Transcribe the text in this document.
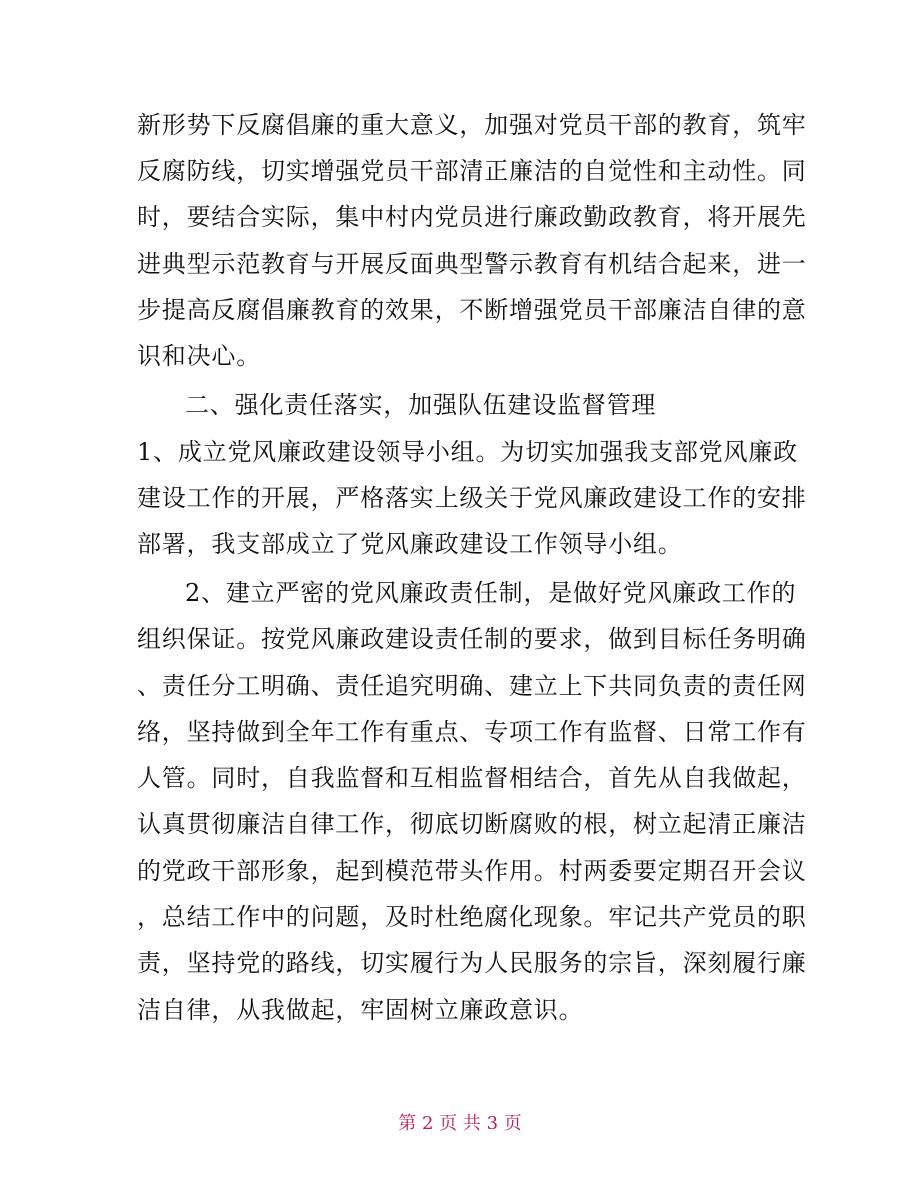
新形势下反腐倡廉的重大意义，加强对党员干部的教育，筑牢
反腐防线，切实增强党员干部清正廉洁的自觉性和主动性。同
时，要结合实际，集中村内党员进行廉政勤政教育，将开展先
进典型示范教育与开展反面典型警示教育有机结合起来，进一
步提高反腐倡廉教育的效果，不断增强党员干部廉洁自律的意
识和决心。
二、强化责任落实，加强队伍建设监督管理
1、成立党风廉政建设领导小组。为切实加强我支部党风廉政
建设工作的开展，严格落实上级关于党风廉政建设工作的安排
部署，我支部成立了党风廉政建设工作领导小组。
2、建立严密的党风廉政责任制，是做好党风廉政工作的
组织保证。按党风廉政建设责任制的要求，做到目标任务明确
、责任分工明确、责任追究明确、建立上下共同负责的责任网
络，坚持做到全年工作有重点、专项工作有监督、日常工作有
人管。同时，自我监督和互相监督相结合，首先从自我做起，
认真贯彻廉洁自律工作，彻底切断腐败的根，树立起清正廉洁
的党政干部形象，起到模范带头作用。村两委要定期召开会议
，总结工作中的问题，及时杜绝腐化现象。牢记共产党员的职
责，坚持党的路线，切实履行为人民服务的宗旨，深刻履行廉
洁自律，从我做起，牢固树立廉政意识。
第 2 页 共 3 页
